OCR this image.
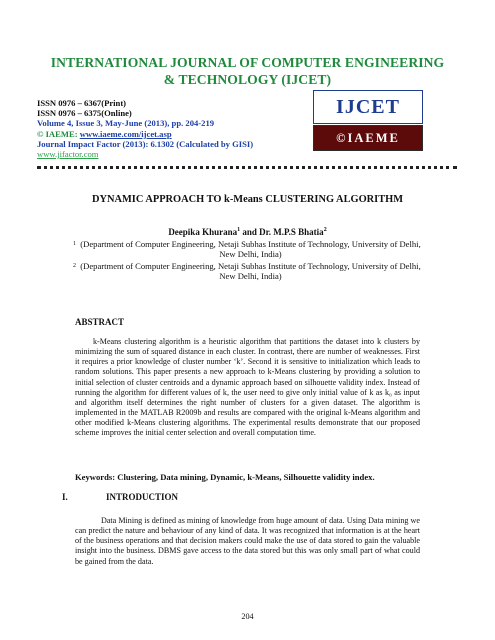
INTERNATIONAL JOURNAL OF COMPUTER ENGINEERING
& TECHNOLOGY (IJCET)
ISSN 0976 – 6367(Print)
ISSN 0976 – 6375(Online)
Volume 4, Issue 3, May-June (2013), pp. 204-219
© IAEME: www.iaeme.com/ijcet.asp
Journal Impact Factor (2013): 6.1302 (Calculated by GISI)
www.jifactor.com
IJCET
©IAEME
DYNAMIC APPROACH TO k-Means CLUSTERING ALGORITHM
Deepika Khurana$^1$ and Dr. M.P.S Bhatia$^2$
1 (Department of Computer Engineering, Netaji Subhas Institute of Technology, University of Delhi, New Delhi, India)
2 (Department of Computer Engineering, Netaji Subhas Institute of Technology, University of Delhi, New Delhi, India)
ABSTRACT
k-Means clustering algorithm is a heuristic algorithm that partitions the dataset into k clusters by minimizing the sum of squared distance in each cluster. In contrast, there are number of weaknesses. First it requires a prior knowledge of cluster number ‘k’. Second it is sensitive to initialization which leads to random solutions. This paper presents a new approach to k-Means clustering by providing a solution to initial selection of cluster centroids and a dynamic approach based on silhouette validity index. Instead of running the algorithm for different values of k, the user need to give only initial value of k as k₀ as input and algorithm itself determines the right number of clusters for a given dataset. The algorithm is implemented in the MATLAB R2009b and results are compared with the original k-Means algorithm and other modified k-Means clustering algorithms. The experimental results demonstrate that our proposed scheme improves the initial center selection and overall computation time.
Keywords: Clustering, Data mining, Dynamic, k-Means, Silhouette validity index.
I.	INTRODUCTION
Data Mining is defined as mining of knowledge from huge amount of data. Using Data mining we can predict the nature and behaviour of any kind of data. It was recognized that information is at the heart of the business operations and that decision makers could make the use of data stored to gain the valuable insight into the business. DBMS gave access to the data stored but this was only small part of what could be gained from the data.
204
